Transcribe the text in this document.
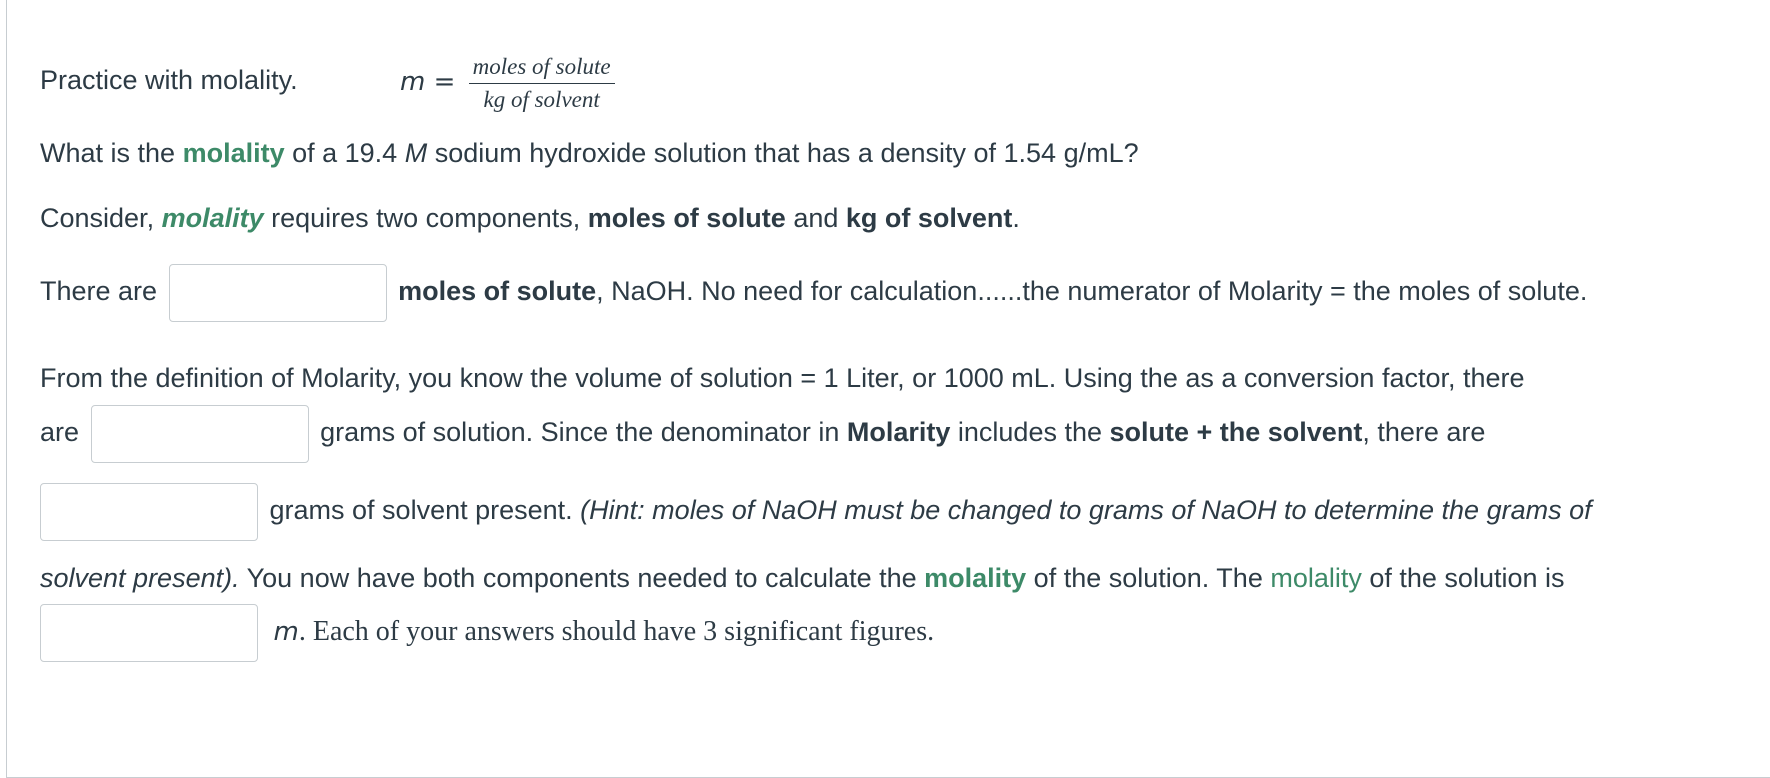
Practice with molality.	$m = \frac{\text{moles of solute}}{\text{kg of solvent}}$
What is the molality of a 19.4 M sodium hydroxide solution that has a density of 1.54 g/mL?
Consider, molality requires two components, moles of solute and kg of solvent.
There are	moles of solute, NaOH. No need for calculation......the numerator of Molarity = the moles of solute.
From the definition of Molarity, you know the volume of solution = 1 Liter, or 1000 mL. Using the as a conversion factor, there
are	grams of solution. Since the denominator in Molarity includes the solute + the solvent, there are
grams of solvent present. (Hint: moles of NaOH must be changed to grams of NaOH to determine the grams of
solvent present). You now have both components needed to calculate the molality of the solution. The molality of the solution is
m. Each of your answers should have 3 significant figures.
